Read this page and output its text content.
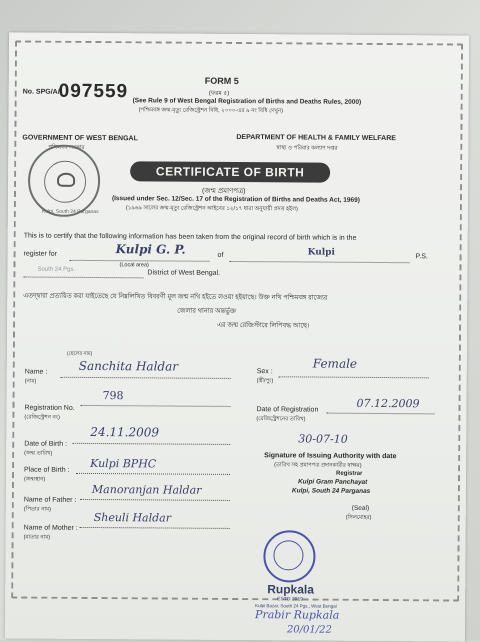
No. SPG/A/
097559	FORM 5
(ফরম ৫)
(See Rule 9 of West Bengal Registration of Births and Deaths Rules, 2000)
(পশ্চিমবঙ্গ জন্ম-মৃত্যু রেজিস্ট্রেশন বিধি, ২০০০-এর ৯ নং বিধি দেখুন)
GOVERNMENT OF WEST BENGAL
পশ্চিমবঙ্গ সরকার
DEPARTMENT OF HEALTH & FAMILY WELFARE
স্বাস্থ্য ও পরিবার কল্যাণ দপ্তর
Kulpi, South 24 Parganas
CERTIFICATE OF BIRTH
(জন্ম প্রমাণপত্র)
(Issued under Sec. 12/Sec. 17 of the Registration of Births and Deaths Act, 1969)
(১৯৬৯ সালের জন্ম-মৃত্যু রেজিস্ট্রেশন আইনের ১২/১৭ ধারা অনুযায়ী প্রদত্ত হইল)
This is to certify that the following information has been taken from the original record of birth which is in the
register for	Kulpi G. P.
(Local area)
of	Kulpi	P.S.
South 24 Pgs.	District of West Bengal.
এতদ্দ্বারা প্রত্যয়িত করা যাইতেছে যে নিম্নলিখিত বিবরণী মূল জন্ম নথি হইতে লওয়া হইয়াছে। উক্ত নথি পশ্চিমবঙ্গ রাজ্যের
জেলার থানার অন্তর্ভুক্ত
এর জন্ম রেজিস্টারে লিপিবদ্ধ আছে।
(ছেলের নাম)
Name :
(নাম)
Sanchita Haldar	Sex :
(স্ত্রী/পুং)
Female
798
Registration No.
(রেজিস্ট্রেশন নং)
Date of Registration
(রেজিস্ট্রেশনের তারিখ)
07.12.2009
24.11.2009
Date of Birth :
(জন্ম তারিখ)
30-07-10
Signature of Issuing Authority with date
(তারিখ সহ প্রমাণপত্র প্রদানকারীর স্বাক্ষর)
Registrar
Kulpi Gram Panchayat
Kulpi, South 24 Parganas
Kulpi BPHC
Place of Birth :
(জন্মস্থান)
Manoranjan Haldar
Name of Father :
(পিতার নাম)	(Seal)
(সিলমোহর)
Sheuli Haldar
Name of Mother :
(মাতার নাম)
Rupkala
ESTD 2019
Kulpi Bazar, South 24 Pgs., West Bengal
Prabir Rupkala
20/01/22
